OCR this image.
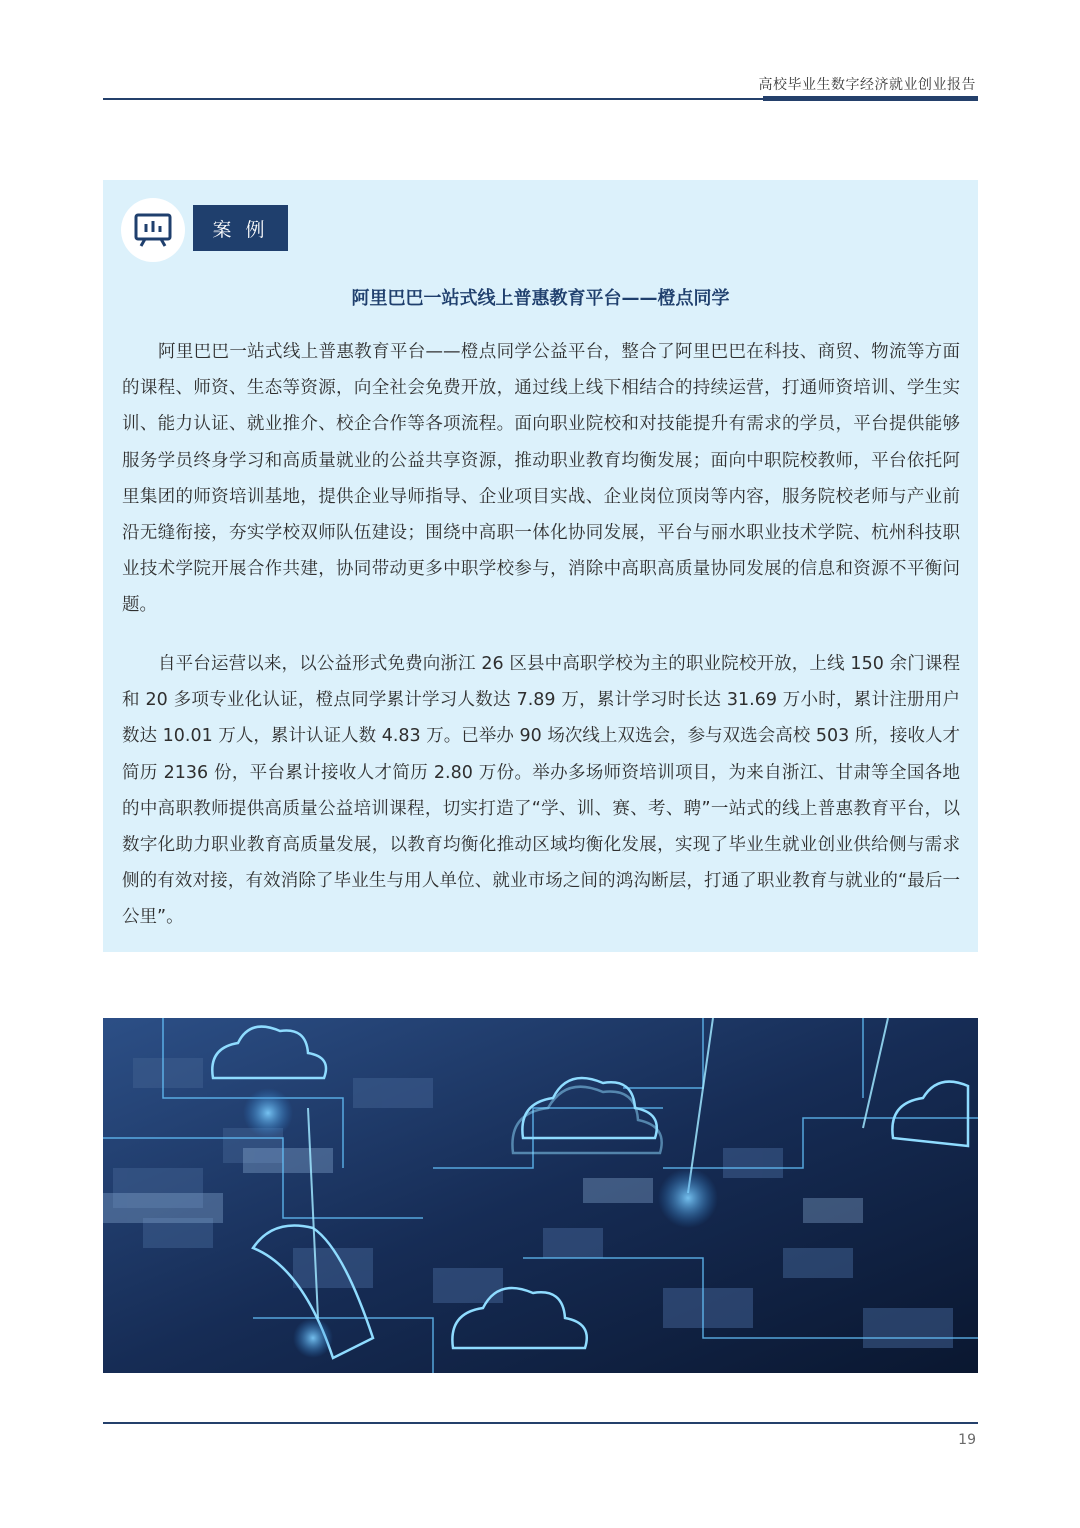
高校毕业生数字经济就业创业报告
案 例
阿里巴巴一站式线上普惠教育平台——橙点同学

阿里巴巴一站式线上普惠教育平台——橙点同学公益平台，整合了阿里巴巴在科技、商贸、物流等方面的课程、师资、生态等资源，向全社会免费开放，通过线上线下相结合的持续运营，打通师资培训、学生实训、能力认证、就业推介、校企合作等各项流程。面向职业院校和对技能提升有需求的学员，平台提供能够服务学员终身学习和高质量就业的公益共享资源，推动职业教育均衡发展；面向中职院校教师，平台依托阿里集团的师资培训基地，提供企业导师指导、企业项目实战、企业岗位顶岗等内容，服务院校老师与产业前沿无缝衔接，夯实学校双师队伍建设；围绕中高职一体化协同发展，平台与丽水职业技术学院、杭州科技职业技术学院开展合作共建，协同带动更多中职学校参与，消除中高职高质量协同发展的信息和资源不平衡问题。

自平台运营以来，以公益形式免费向浙江 26 区县中高职学校为主的职业院校开放，上线 150 余门课程和 20 多项专业化认证，橙点同学累计学习人数达 7.89 万，累计学习时长达 31.69 万小时，累计注册用户数达 10.01 万人，累计认证人数 4.83 万。已举办 90 场次线上双选会，参与双选会高校 503 所，接收人才简历 2136 份，平台累计接收人才简历 2.80 万份。举办多场师资培训项目，为来自浙江、甘肃等全国各地的中高职教师提供高质量公益培训课程，切实打造了“学、训、赛、考、聘”一站式的线上普惠教育平台，以数字化助力职业教育高质量发展，以教育均衡化推动区域均衡化发展，实现了毕业生就业创业供给侧与需求侧的有效对接，有效消除了毕业生与用人单位、就业市场之间的鸿沟断层，打通了职业教育与就业的“最后一公里”。

19
